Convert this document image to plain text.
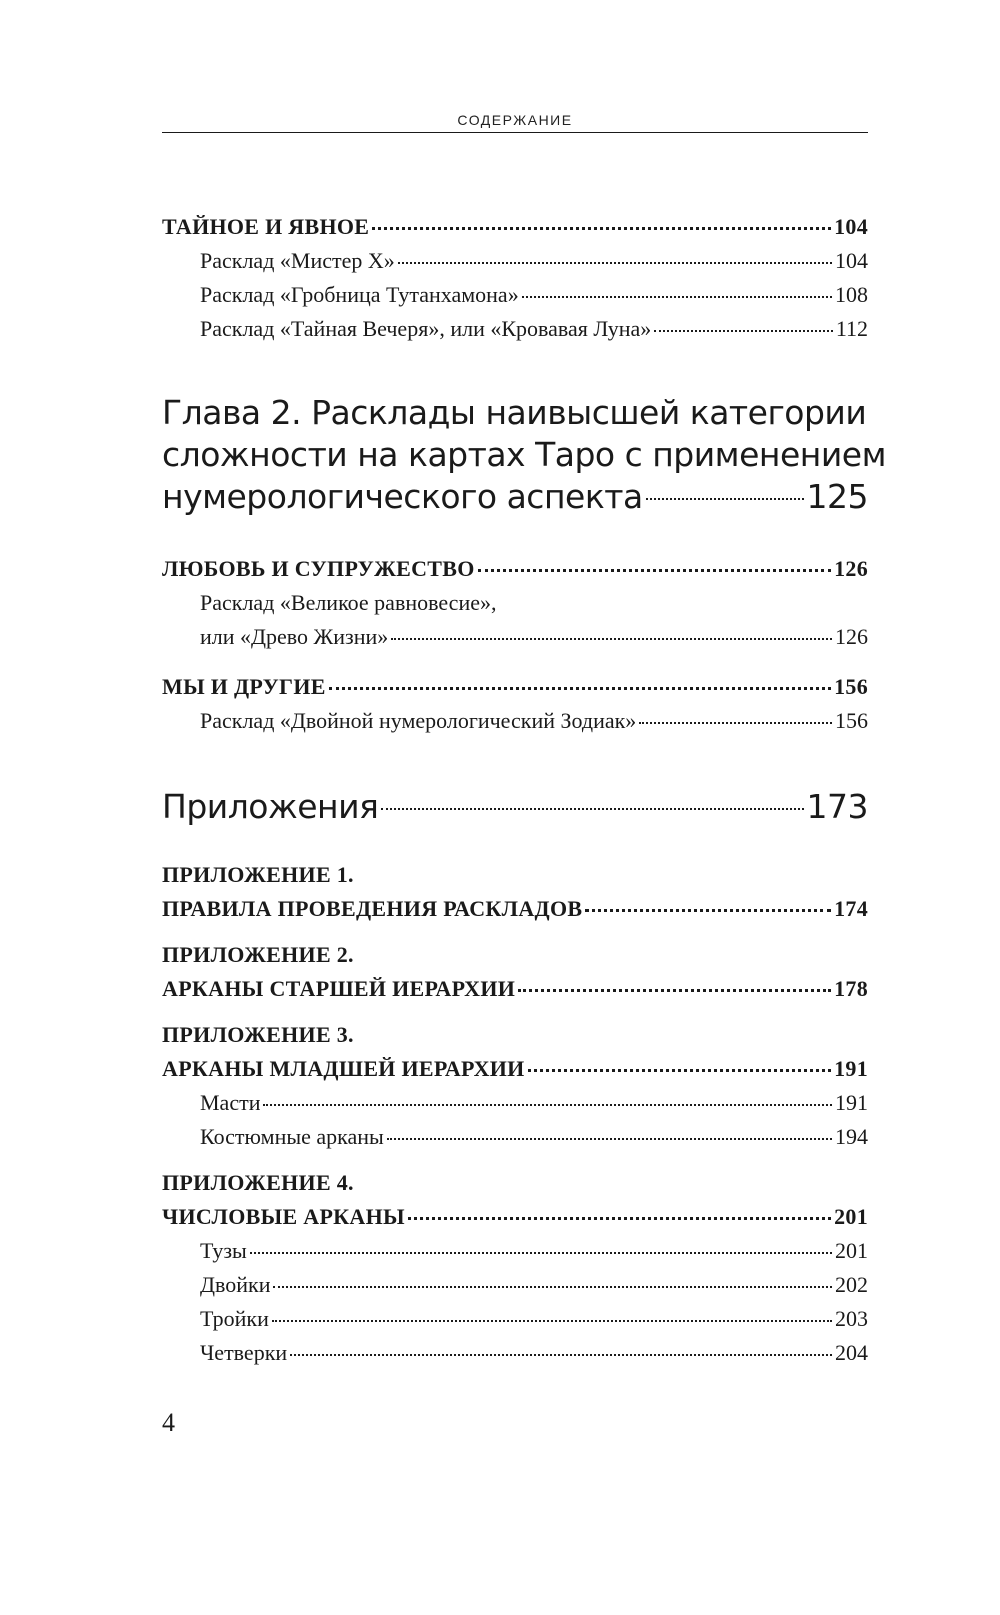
СОДЕРЖАНИЕ
ТАЙНОЕ И ЯВНОЕ	104
Расклад «Мистер Х»	104
Расклад «Гробница Тутанхамона»	108
Расклад «Тайная Вечеря», или «Кровавая Луна»	112
Глава 2. Расклады наивысшей категории
сложности на картах Таро с применением
нумерологического аспекта	125
ЛЮБОВЬ И СУПРУЖЕСТВО	126
Расклад «Великое равновесие»,
или «Древо Жизни»	126
МЫ И ДРУГИЕ	156
Расклад «Двойной нумерологический Зодиак»	156
Приложения	173
ПРИЛОЖЕНИЕ 1.
ПРАВИЛА ПРОВЕДЕНИЯ РАСКЛАДОВ	174
ПРИЛОЖЕНИЕ 2.
АРКАНЫ СТАРШЕЙ ИЕРАРХИИ	178
ПРИЛОЖЕНИЕ 3.
АРКАНЫ МЛАДШЕЙ ИЕРАРХИИ	191
Масти	191
Костюмные арканы	194
ПРИЛОЖЕНИЕ 4.
ЧИСЛОВЫЕ АРКАНЫ	201
Тузы	201
Двойки	202
Тройки	203
Четверки	204
4
